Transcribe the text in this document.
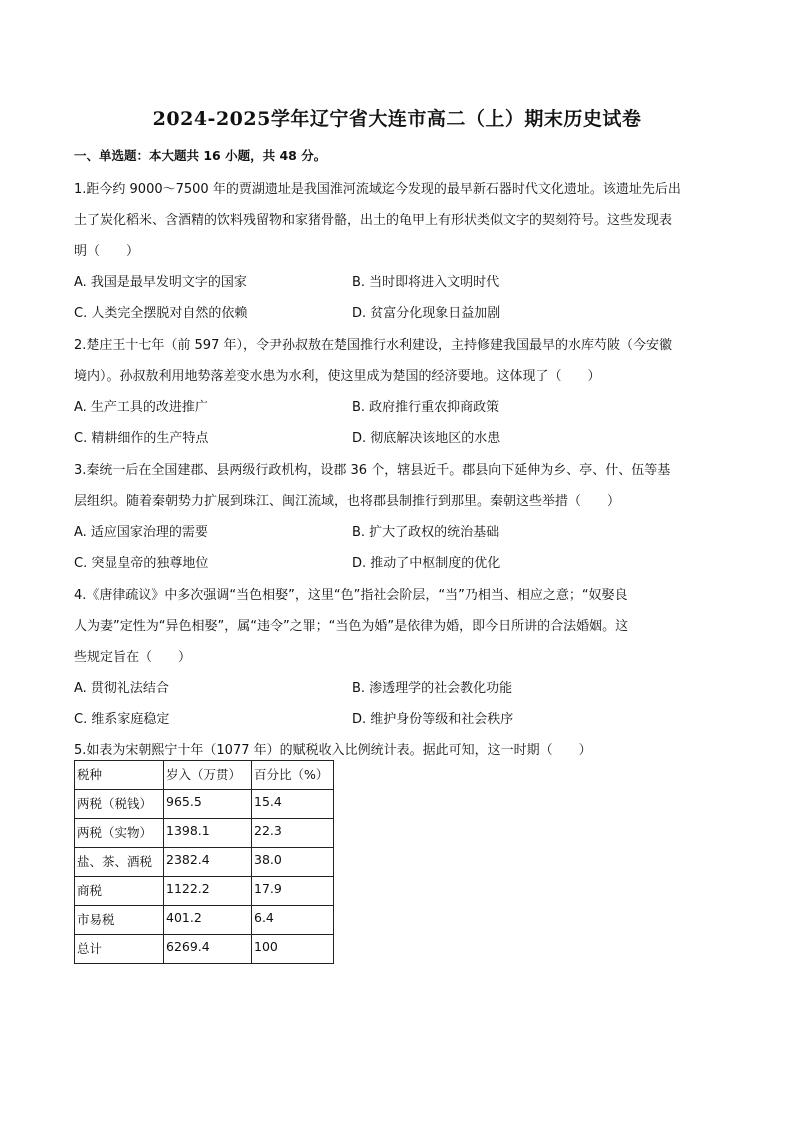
2024-2025学年辽宁省大连市高二（上）期末历史试卷
一、单选题：本大题共 16 小题，共 48 分。
1.距今约 9000～7500 年的贾湖遗址是我国淮河流域迄今发现的最早新石器时代文化遗址。该遗址先后出
土了炭化稻米、含酒精的饮料残留物和家猪骨骼，出土的龟甲上有形状类似文字的契刻符号。这些发现表
明（　　）
A. 我国是最早发明文字的国家	B. 当时即将进入文明时代
C. 人类完全摆脱对自然的依赖	D. 贫富分化现象日益加剧
2.楚庄王十七年（前 597 年），令尹孙叔敖在楚国推行水利建设，主持修建我国最早的水库芍陂（今安徽
境内）。孙叔敖利用地势落差变水患为水利，使这里成为楚国的经济要地。这体现了（　　）
A. 生产工具的改进推广	B. 政府推行重农抑商政策
C. 精耕细作的生产特点	D. 彻底解决该地区的水患
3.秦统一后在全国建郡、县两级行政机构，设郡 36 个，辖县近千。郡县向下延伸为乡、亭、什、伍等基
层组织。随着秦朝势力扩展到珠江、闽江流域，也将郡县制推行到那里。秦朝这些举措（　　）
A. 适应国家治理的需要	B. 扩大了政权的统治基础
C. 突显皇帝的独尊地位	D. 推动了中枢制度的优化
4.《唐律疏议》中多次强调“当色相娶”，这里“色”指社会阶层，“当”乃相当、相应之意；“奴娶良
人为妻”定性为“异色相娶”，属“违令”之罪；“当色为婚”是依律为婚，即今日所讲的合法婚姻。这
些规定旨在（　　）
A. 贯彻礼法结合	B. 渗透理学的社会教化功能
C. 维系家庭稳定	D. 维护身份等级和社会秩序
5.如表为宋朝熙宁十年（1077 年）的赋税收入比例统计表。据此可知，这一时期（　　）
税种	岁入（万贯）	百分比（%）
两税（税钱）	965.5	15.4
两税（实物）	1398.1	22.3
盐、茶、酒税	2382.4	38.0
商税	1122.2	17.9
市易税	401.2	6.4
总计	6269.4	100
